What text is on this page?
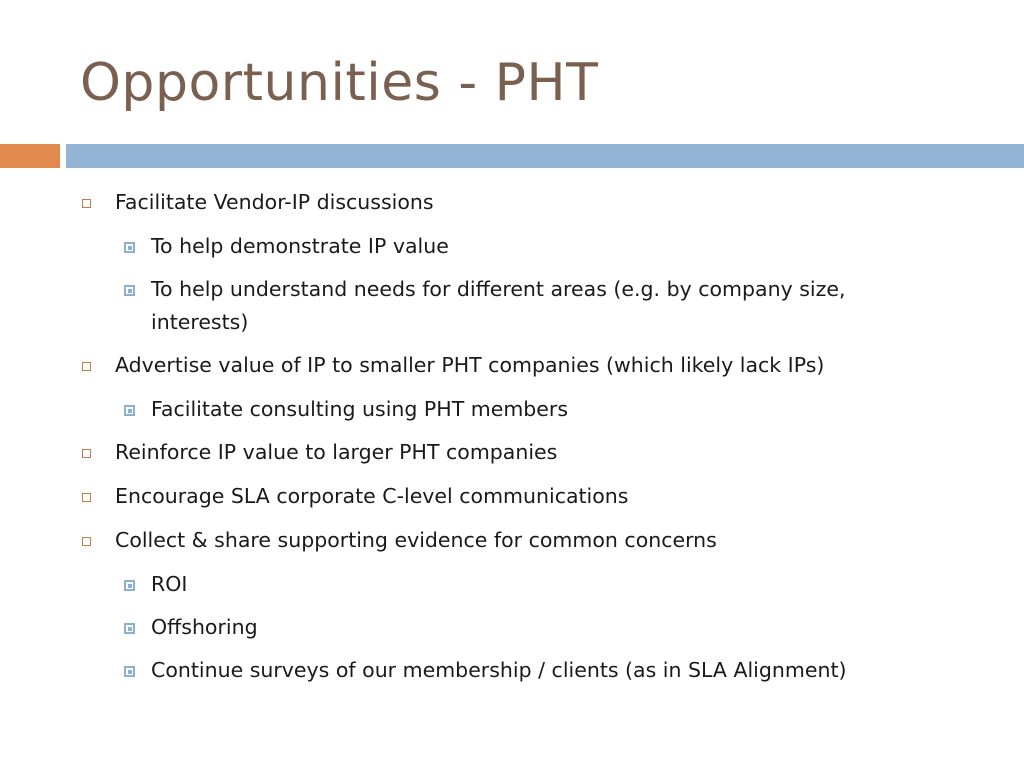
Opportunities - PHT
Facilitate Vendor-IP discussions
To help demonstrate IP value
To help understand needs for different areas (e.g. by company size, interests)
Advertise value of IP to smaller PHT companies (which likely lack IPs)
Facilitate consulting using PHT members
Reinforce IP value to larger PHT companies
Encourage SLA corporate C-level communications
Collect & share supporting evidence for common concerns
ROI
Offshoring
Continue surveys of our membership / clients (as in SLA Alignment)
